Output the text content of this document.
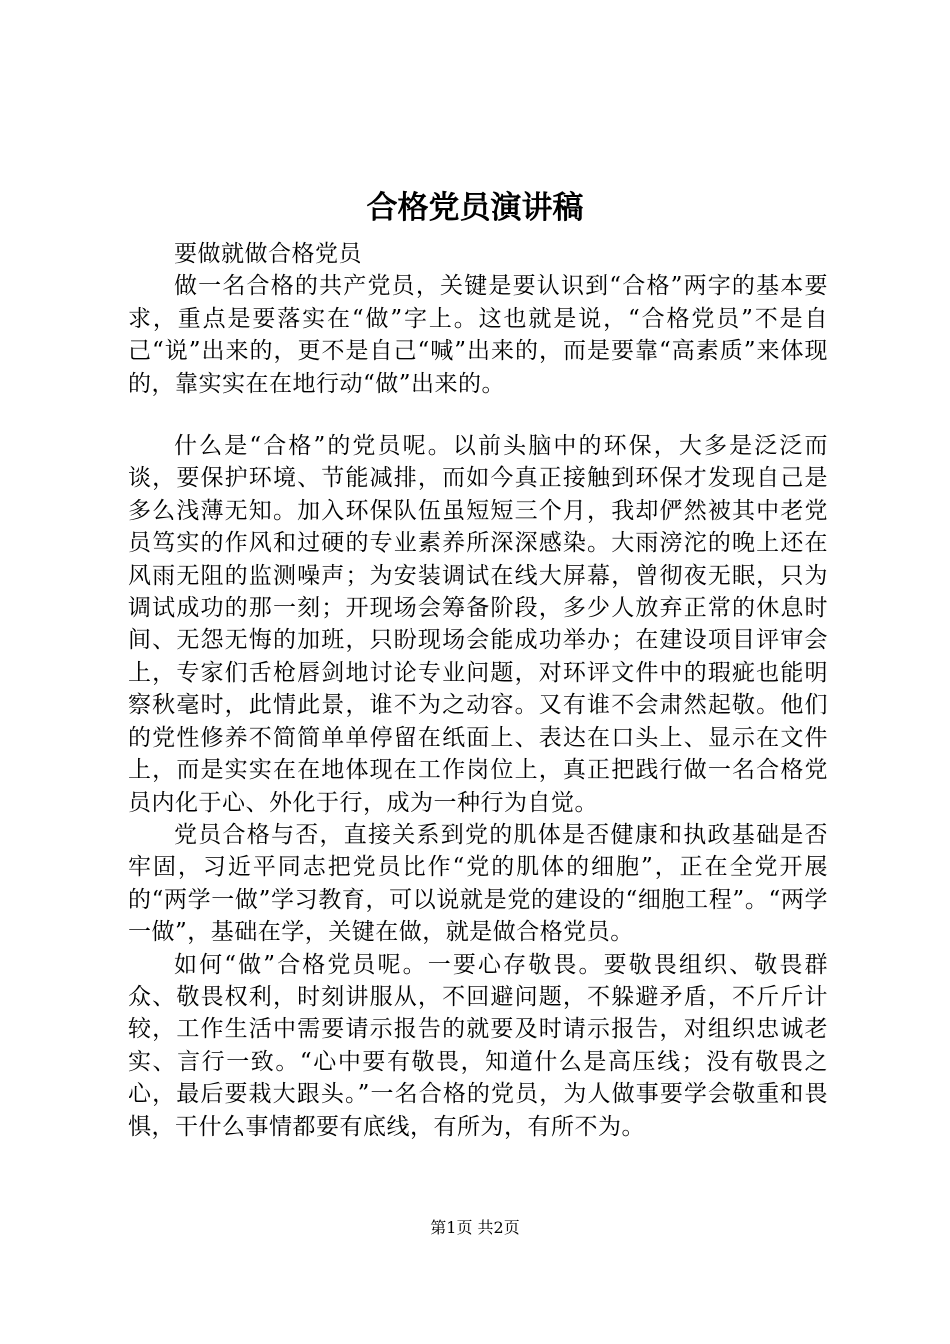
合格党员演讲稿

要做就做合格党员

做一名合格的共产党员，关键是要认识到“合格”两字的基本要求，重点是要落实在“做”字上。这也就是说，“合格党员”不是自己“说”出来的，更不是自己“喊”出来的，而是要靠“高素质”来体现的，靠实实在在地行动“做”出来的。

什么是“合格”的党员呢。以前头脑中的环保，大多是泛泛而谈，要保护环境、节能减排，而如今真正接触到环保才发现自己是多么浅薄无知。加入环保队伍虽短短三个月，我却俨然被其中老党员笃实的作风和过硬的专业素养所深深感染。大雨滂沱的晚上还在风雨无阻的监测噪声；为安装调试在线大屏幕，曾彻夜无眠，只为调试成功的那一刻；开现场会筹备阶段，多少人放弃正常的休息时间、无怨无悔的加班，只盼现场会能成功举办；在建设项目评审会上，专家们舌枪唇剑地讨论专业问题，对环评文件中的瑕疵也能明察秋毫时，此情此景，谁不为之动容。又有谁不会肃然起敬。他们的党性修养不简简单单停留在纸面上、表达在口头上、显示在文件上，而是实实在在地体现在工作岗位上，真正把践行做一名合格党员内化于心、外化于行，成为一种行为自觉。

党员合格与否，直接关系到党的肌体是否健康和执政基础是否牢固，习近平同志把党员比作“党的肌体的细胞”，正在全党开展的“两学一做”学习教育，可以说就是党的建设的“细胞工程”。“两学一做”，基础在学，关键在做，就是做合格党员。

如何“做”合格党员呢。一要心存敬畏。要敬畏组织、敬畏群众、敬畏权利，时刻讲服从，不回避问题，不躲避矛盾，不斤斤计较，工作生活中需要请示报告的就要及时请示报告，对组织忠诚老实、言行一致。“心中要有敬畏，知道什么是高压线；没有敬畏之心，最后要栽大跟头。”一名合格的党员，为人做事要学会敬重和畏惧，干什么事情都要有底线，有所为，有所不为。

第1页 共2页
